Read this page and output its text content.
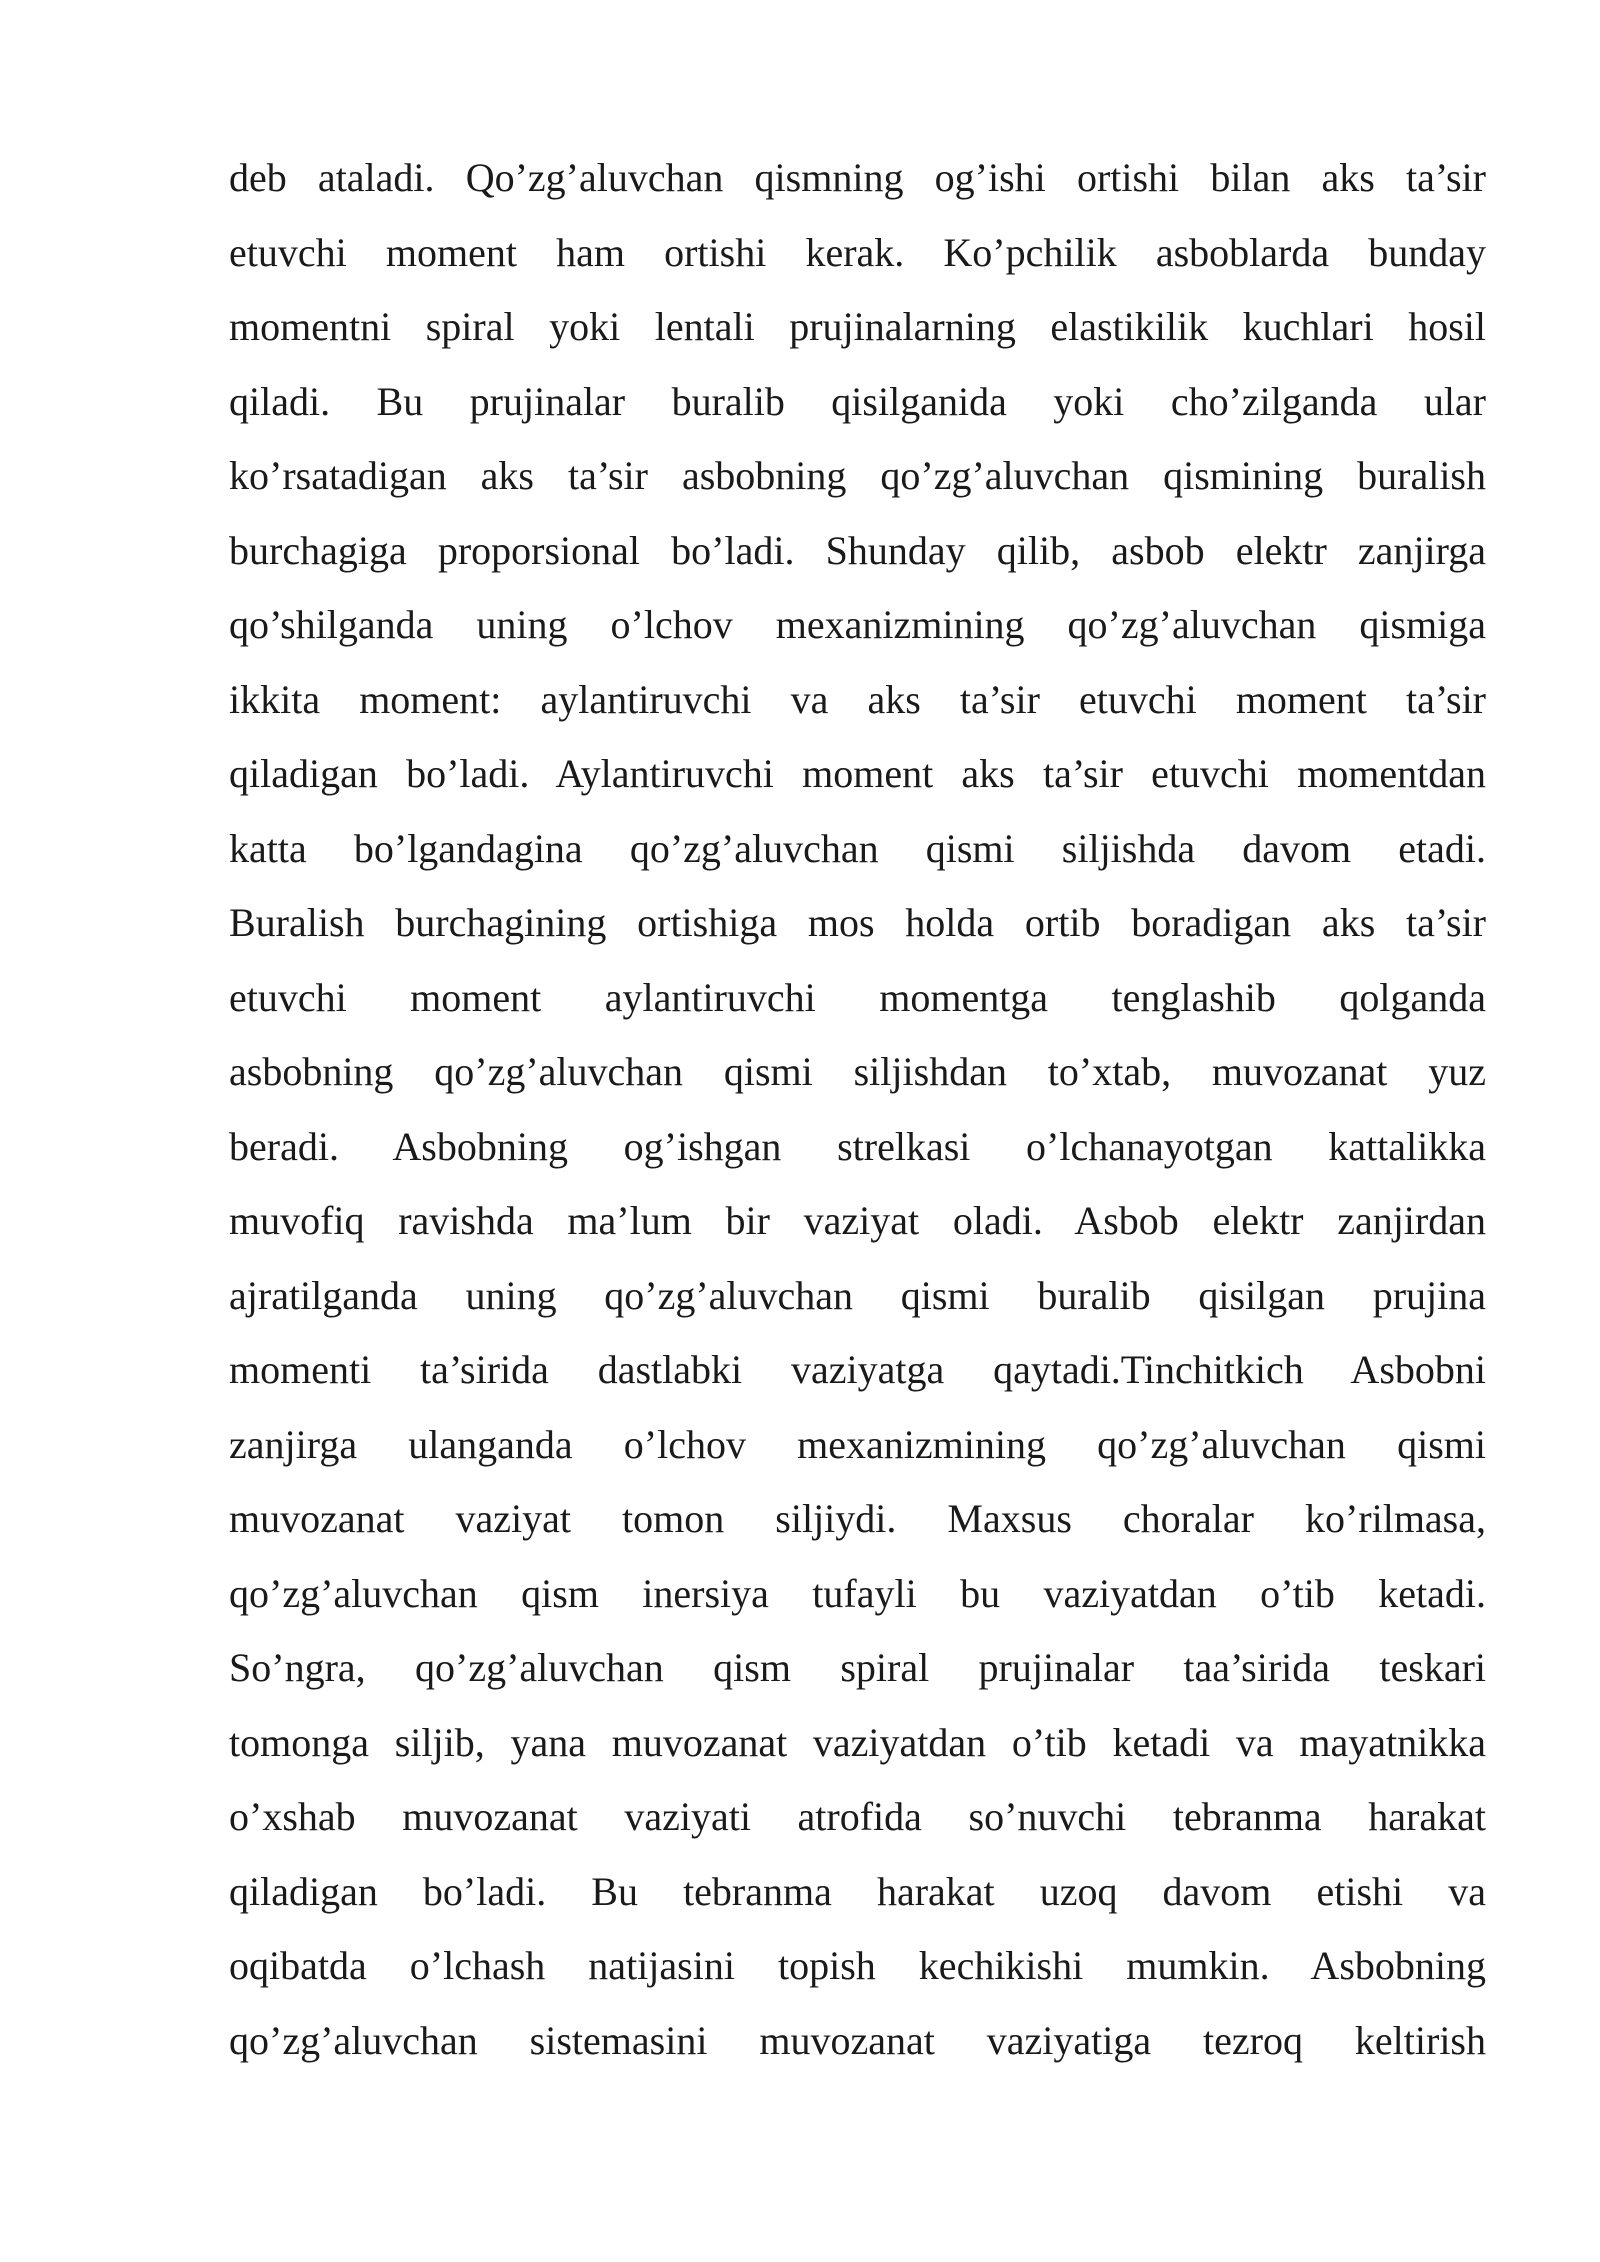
deb ataladi. Qo’zg’aluvchan qismning og’ishi ortishi bilan aks ta’sir
etuvchi moment ham ortishi kerak. Ko’pchilik asboblarda bunday
momentni spiral yoki lentali prujinalarning elastikilik kuchlari hosil
qiladi. Bu prujinalar buralib qisilganida yoki cho’zilganda ular
ko’rsatadigan aks ta’sir asbobning qo’zg’aluvchan qismining buralish
burchagiga proporsional bo’ladi. Shunday qilib, asbob elektr zanjirga
qo’shilganda uning o’lchov mexanizmining qo’zg’aluvchan qismiga
ikkita moment: aylantiruvchi va aks ta’sir etuvchi moment ta’sir
qiladigan bo’ladi. Aylantiruvchi moment aks ta’sir etuvchi momentdan
katta bo’lgandagina qo’zg’aluvchan qismi siljishda davom etadi.
Buralish burchagining ortishiga mos holda ortib boradigan aks ta’sir
etuvchi moment aylantiruvchi momentga tenglashib qolganda
asbobning qo’zg’aluvchan qismi siljishdan to’xtab, muvozanat yuz
beradi. Asbobning og’ishgan strelkasi o’lchanayotgan kattalikka
muvofiq ravishda ma’lum bir vaziyat oladi. Asbob elektr zanjirdan
ajratilganda uning qo’zg’aluvchan qismi buralib qisilgan prujina
momenti ta’sirida dastlabki vaziyatga qaytadi.Tinchitkich Asbobni
zanjirga ulanganda o’lchov mexanizmining qo’zg’aluvchan qismi
muvozanat vaziyat tomon siljiydi. Maxsus choralar ko’rilmasa,
qo’zg’aluvchan qism inersiya tufayli bu vaziyatdan o’tib ketadi.
So’ngra, qo’zg’aluvchan qism spiral prujinalar taa’sirida teskari
tomonga siljib, yana muvozanat vaziyatdan o’tib ketadi va mayatnikka
o’xshab muvozanat vaziyati atrofida so’nuvchi tebranma harakat
qiladigan bo’ladi. Bu tebranma harakat uzoq davom etishi va
oqibatda o’lchash natijasini topish kechikishi mumkin. Asbobning
qo’zg’aluvchan sistemasini muvozanat vaziyatiga tezroq keltirish
